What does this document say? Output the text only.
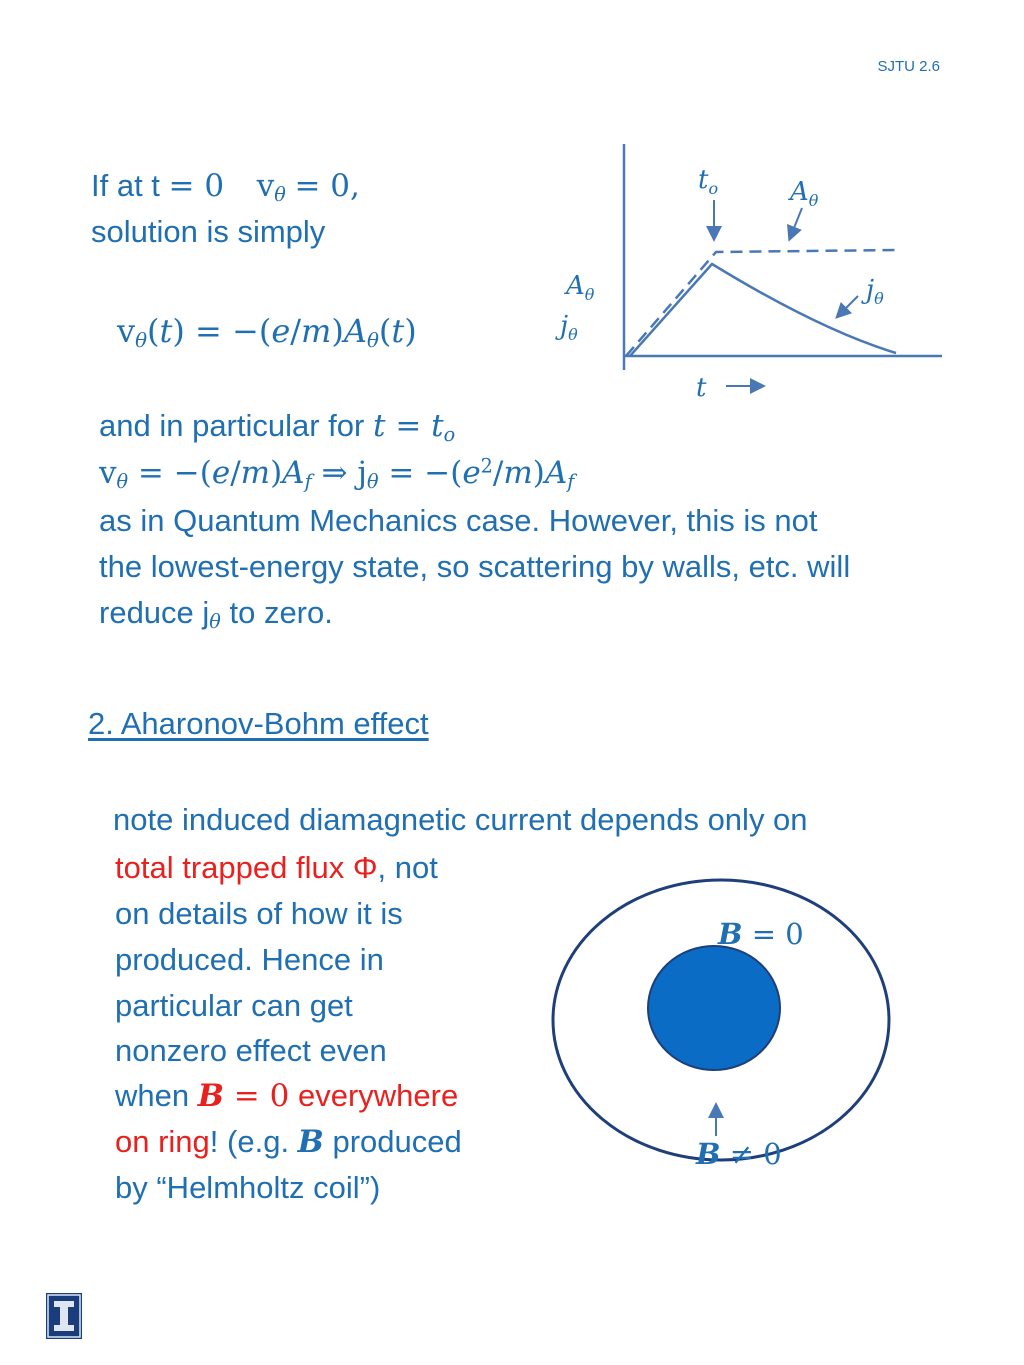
SJTU 2.6
If at t = 0 $v_\theta = 0$,
solution is simply
$v_\theta(t) = -(e/m)A_\theta(t)$
$t_o$	$A_\theta$
$j_\theta$
$A_\theta$
$j_\theta$
t
and in particular for $t = t_o$
$v_\theta = -(e/m)A_f$ ⇒ $j_\theta = -(e^2/m)A_f$
as in Quantum Mechanics case. However, this is not
the lowest-energy state, so scattering by walls, etc. will
reduce $j_\theta$ to zero.
2. Aharonov-Bohm effect
note induced diamagnetic current depends only on
total trapped flux Φ, not
on details of how it is
produced. Hence in
particular can get
nonzero effect even
when B = 0 everywhere
on ring! (e.g. B produced
by “Helmholtz coil”)
B = 0
B ≠ 0
